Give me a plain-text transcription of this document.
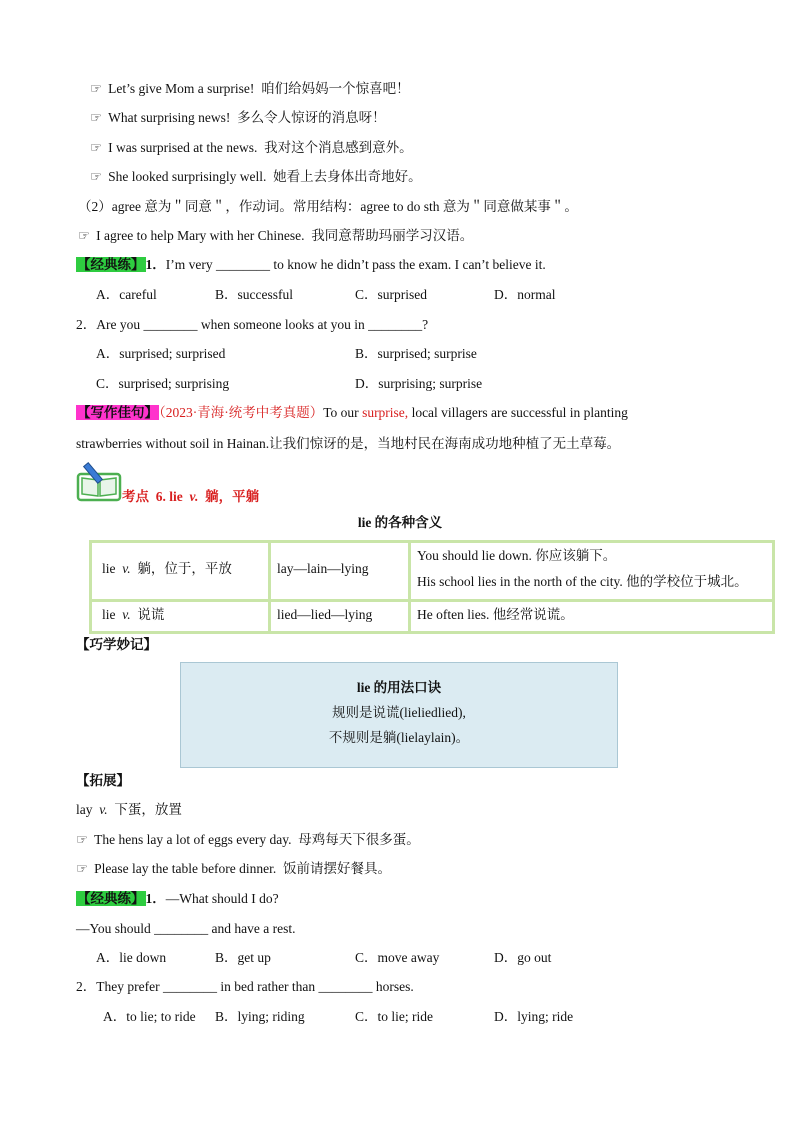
☞ Let’s give Mom a surprise! 咱们给妈妈一个惊喜吧！
☞ What surprising news! 多么令人惊讶的消息呀！
☞ I was surprised at the news. 我对这个消息感到意外。
☞ She looked surprisingly well. 她看上去身体出奇地好。
（2）agree 意为＂同意＂，作动词。常用结构：agree to do sth 意为＂同意做某事＂。
☞ I agree to help Mary with her Chinese. 我同意帮助玛丽学习汉语。
【经典练】1．I’m very ________ to know he didn’t pass the exam. I can’t believe it.
A．careful	B．successful	C．surprised	D．normal
2．Are you ________ when someone looks at you in ________?
A．surprised; surprised	B．surprised; surprise
C．surprised; surprising	D．surprising; surprise
【写作佳句】（2023·青海·统考中考真题）To our surprise, local villagers are successful in planting
strawberries without soil in Hainan.让我们惊讶的是，当地村民在海南成功地种植了无土草莓。
考点 6. lie v. 躺，平躺
lie 的各种含义
lie v. 躺，位于，平放	lay—lain—lying
You should lie down. 你应该躺下。
His school lies in the north of the city. 他的学校位于城北。
lie v. 说谎	lied—lied—lying	He often lies. 他经常说谎。
【巧学妙记】
lie 的用法口诀
规则是说谎(lieliedlied),
不规则是躺(lielaylain)。
【拓展】
lay v. 下蛋，放置
☞ The hens lay a lot of eggs every day. 母鸡每天下很多蛋。
☞ Please lay the table before dinner. 饭前请摆好餐具。
【经典练】1．—What should I do?
—You should ________ and have a rest.
A．lie down	B．get up	C．move away	D．go out
2．They prefer ________ in bed rather than ________ horses.
A．to lie; to ride B．lying; riding	C．to lie; ride	D．lying; ride
